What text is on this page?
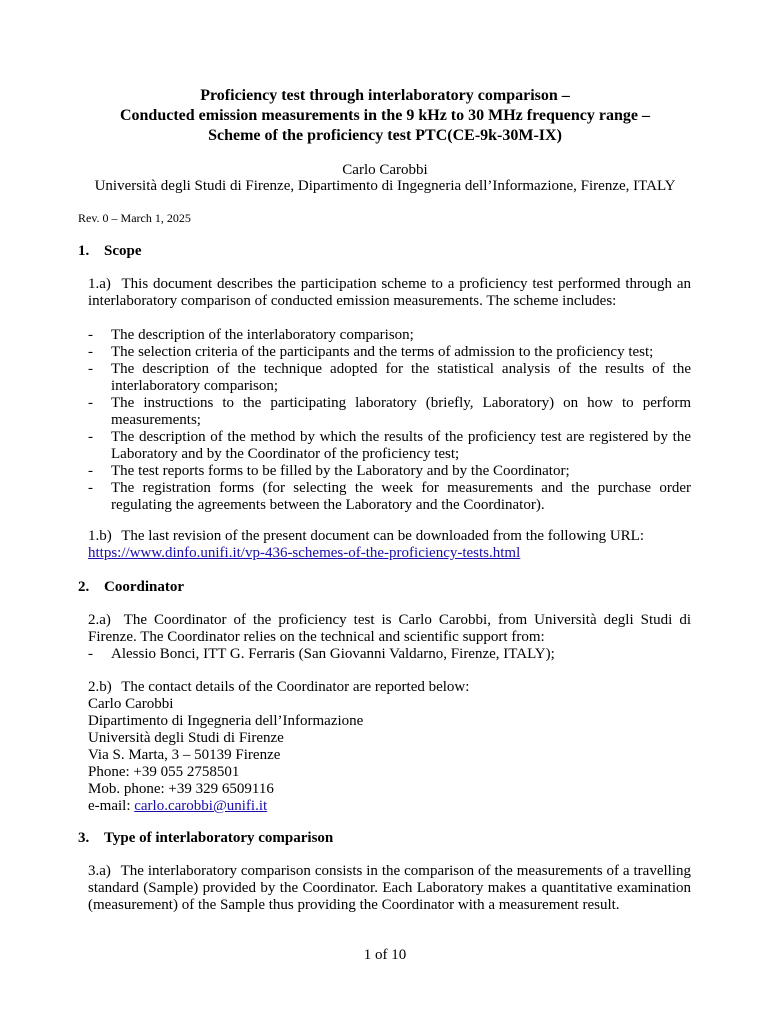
Proficiency test through interlaboratory comparison –
Conducted emission measurements in the 9 kHz to 30 MHz frequency range –
Scheme of the proficiency test PTC(CE-9k-30M-IX)
Carlo Carobbi
Università degli Studi di Firenze, Dipartimento di Ingegneria dell’Informazione, Firenze, ITALY
Rev. 0 – March 1, 2025
1. Scope
1.a) This document describes the participation scheme to a proficiency test performed through an interlaboratory comparison of conducted emission measurements. The scheme includes:
- The description of the interlaboratory comparison;
- The selection criteria of the participants and the terms of admission to the proficiency test;
- The description of the technique adopted for the statistical analysis of the results of the interlaboratory comparison;
- The instructions to the participating laboratory (briefly, Laboratory) on how to perform measurements;
- The description of the method by which the results of the proficiency test are registered by the Laboratory and by the Coordinator of the proficiency test;
- The test reports forms to be filled by the Laboratory and by the Coordinator;
- The registration forms (for selecting the week for measurements and the purchase order regulating the agreements between the Laboratory and the Coordinator).
1.b) The last revision of the present document can be downloaded from the following URL:
https://www.dinfo.unifi.it/vp-436-schemes-of-the-proficiency-tests.html
2. Coordinator
2.a) The Coordinator of the proficiency test is Carlo Carobbi, from Università degli Studi di Firenze. The Coordinator relies on the technical and scientific support from:
- Alessio Bonci, ITT G. Ferraris (San Giovanni Valdarno, Firenze, ITALY);
2.b) The contact details of the Coordinator are reported below:
Carlo Carobbi
Dipartimento di Ingegneria dell’Informazione
Università degli Studi di Firenze
Via S. Marta, 3 – 50139 Firenze
Phone: +39 055 2758501
Mob. phone: +39 329 6509116
e-mail: carlo.carobbi@unifi.it
3. Type of interlaboratory comparison
3.a) The interlaboratory comparison consists in the comparison of the measurements of a travelling standard (Sample) provided by the Coordinator. Each Laboratory makes a quantitative examination (measurement) of the Sample thus providing the Coordinator with a measurement result.
1 of 10
